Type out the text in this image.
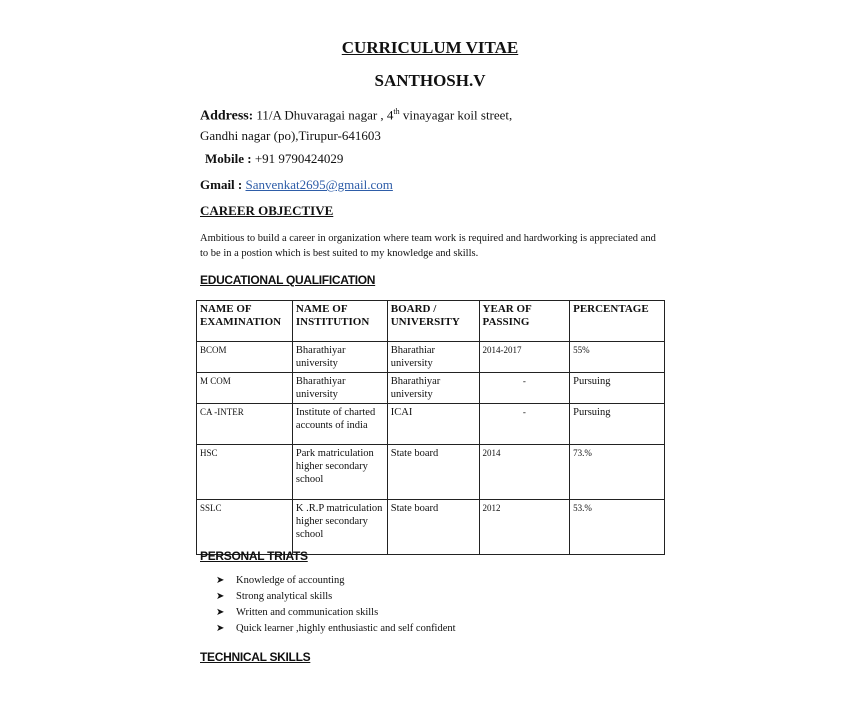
CURRICULUM VITAE
SANTHOSH.V
Address: 11/A Dhuvaragai nagar , 4th vinayagar koil street,
Gandhi nagar (po),Tirupur-641603
Mobile : +91 9790424029
Gmail : Sanvenkat2695@gmail.com
CAREER OBJECTIVE
Ambitious to build a career in organization where team work is required and hardworking is appreciated and to be in a postion which is best suited to my knowledge and skills.
EDUCATIONAL QUALIFICATION
NAME OF EXAMINATION	NAME OF INSTITUTION	BOARD / UNIVERSITY	YEAR OF PASSING	PERCENTAGE
BCOM	Bharathiyar university	Bharathiar university	2014-2017	55%
M COM	Bharathiyar university	Bharathiyar university	-	Pursuing
CA -INTER	Institute of charted accounts of india	ICAI	-	Pursuing
HSC	Park matriculation higher secondary school	State board	2014	73.%
SSLC	K .R.P matriculation higher secondary school	State board	2012	53.%
PERSONAL TRIATS
➤	Knowledge of accounting
➤	Strong analytical skills
➤	Written and communication skills
➤	Quick learner ,highly enthusiastic and self confident
TECHNICAL SKILLS
